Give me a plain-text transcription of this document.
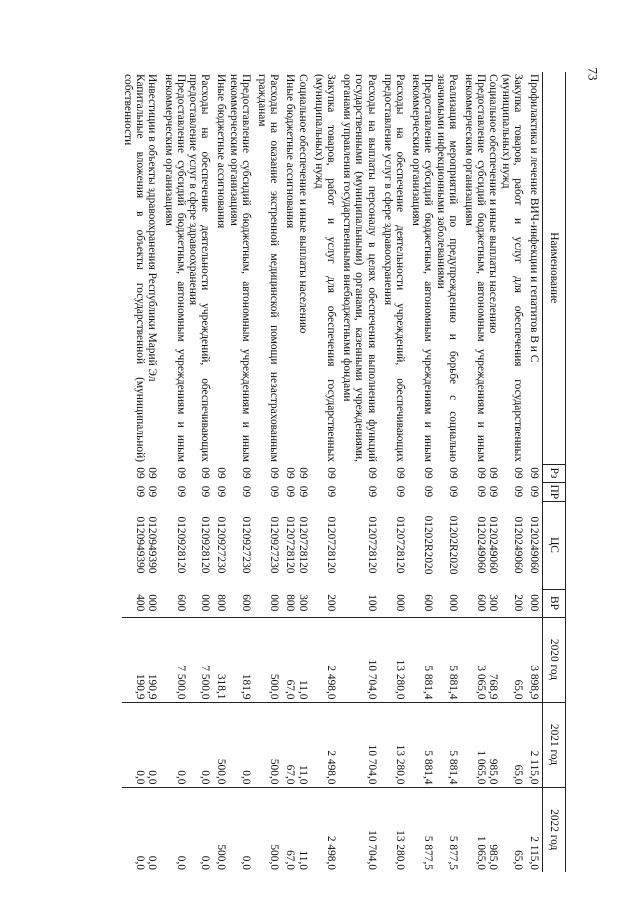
73
Наименование	Рз	ПР	ЦС	ВР	2020 год	2021 год	2022 год
Профилактика и лечение ВИЧ-инфекции и гепатитов В и С	09	09	0120249060	000	3 898,9	2 115,0	2 115,0

Закупка товаров, работ и услуг для обеспечения государственных (муниципальных) нужд	09	09	0120249060	200	65,0	65,0	65,0
Социальное обеспечение и иные выплаты населению	09	09	0120249060	300	768,9	985,0	985,0
Предоставление субсидий бюджетным, автономным учреждениям и иным некоммерческим организациям	09	09	0120249060	600	3 065,0	1 065,0	1 065,0

Реализация мероприятий по предупреждению и борьбе с социально значимыми инфекционными заболеваниями	09	09	01202R2020	000	5 881,4	5 881,4	5 877,5
Предоставление субсидий бюджетным, автономным учреждениям и иным некоммерческим организациям	09	09	01202R2020	600	5 881,4	5 881,4	5 877,5

Расходы на обеспечение деятельности учреждений, обеспечивающих предоставление услуг в сфере здравоохранения	09	09	0120728120	000	13 280,0	13 280,0	13 280,0

Расходы на выплаты персоналу в целях обеспечения выполнения функций государственными (муниципальными) органами, казенными учреждениями, органами управления государственными внебюджетными фондами	09	09	0120728120	100	10 704,0	10 704,0	10 704,0

Закупка товаров, работ и услуг для обеспечения государственных (муниципальных) нужд	09	09	0120728120	200	2 498,0	2 498,0	2 498,0

Социальное обеспечение и иные выплаты населению	09	09	0120728120	300	11,0	11,0	11,0
Иные бюджетные ассигнования	09	09	0120728120	800	67,0	67,0	67,0

Расходы на оказание экстренной медицинской помощи незастрахованным гражданам	09	09	0120927230	000	500,0	500,0	500,0

Предоставление субсидий бюджетным, автономным учреждениям и иным некоммерческим организациям	09	09	0120927230	600	181,9	0,0	0,0
Иные бюджетные ассигнования	09	09	0120927230	800	318,1	500,0	500,0

Расходы на обеспечение деятельности учреждений, обеспечивающих предоставление услуг в сфере здравоохранения	09	09	0120928120	000	7 500,0	0,0	0,0
Предоставление субсидий бюджетным, автономным учреждениям и иным некоммерческим организациям	09	09	0120928120	600	7 500,0	0,0	0,0

Инвестиции в объекты здравоохранения Республики Марий Эл	09	09	0120949390	000	190,9	0,0	0,0
Капитальные вложения в объекты государственной (муниципальной) собственности	09	09	0120949390	400	190,9	0,0	0,0
